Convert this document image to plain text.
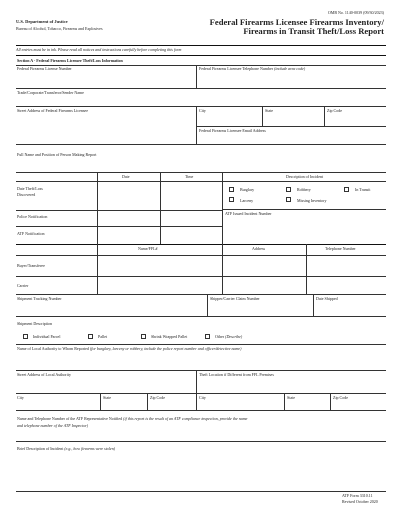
OMB No. 1140-0039 (09/30/2023)
U.S. Department of Justice
Bureau of Alcohol, Tobacco, Firearms and Explosives
Federal Firearms Licensee Firearms Inventory/
Firearms in Transit Theft/Loss Report
All entries must be in ink. Please read all notices and instructions carefully before completing this form
Section A - Federal Firearms Licensee Theft/Loss Information
Federal Firearms License Number	Federal Firearms Licensee Telephone Number (include area code)
Trade/Corporate/Transferor/Sender Name
Street Address of Federal Firearms Licensee	City	State	Zip Code
Federal Firearms Licensee Email Address
Full Name and Position of Person Making Report
Date	Time	Description of Incident
Date Theft/Loss
Discovered
Burglary	Robbery	In Transit
Larceny	Missing Inventory
ATF Issued Incident Number
Police Notification
ATF Notification
Name/FFL#	Address	Telephone Number
Buyer/Transferee
Carrier
Shipment Tracking Number	Shipper/Carrier Claim Number	Date Shipped
Shipment Description
Individual Parcel	Pallet	Shrink Wrapped Pallet	Other (Describe)
Name of Local Authority to Whom Reported (for burglary, larceny or robbery, include the police report number and officer/detective name)
Street Address of Local Authority	Theft Location if Different from FFL Premises
City	State	Zip Code	City	State	Zip Code
Name and Telephone Number of the ATF Representative Notified (if this report is the result of an ATF compliance inspection, provide the name
and telephone number of the ATF Inspector)
Brief Description of Incident (e.g., how firearms were stolen)
ATF Form 3310.11
Revised October 2020
